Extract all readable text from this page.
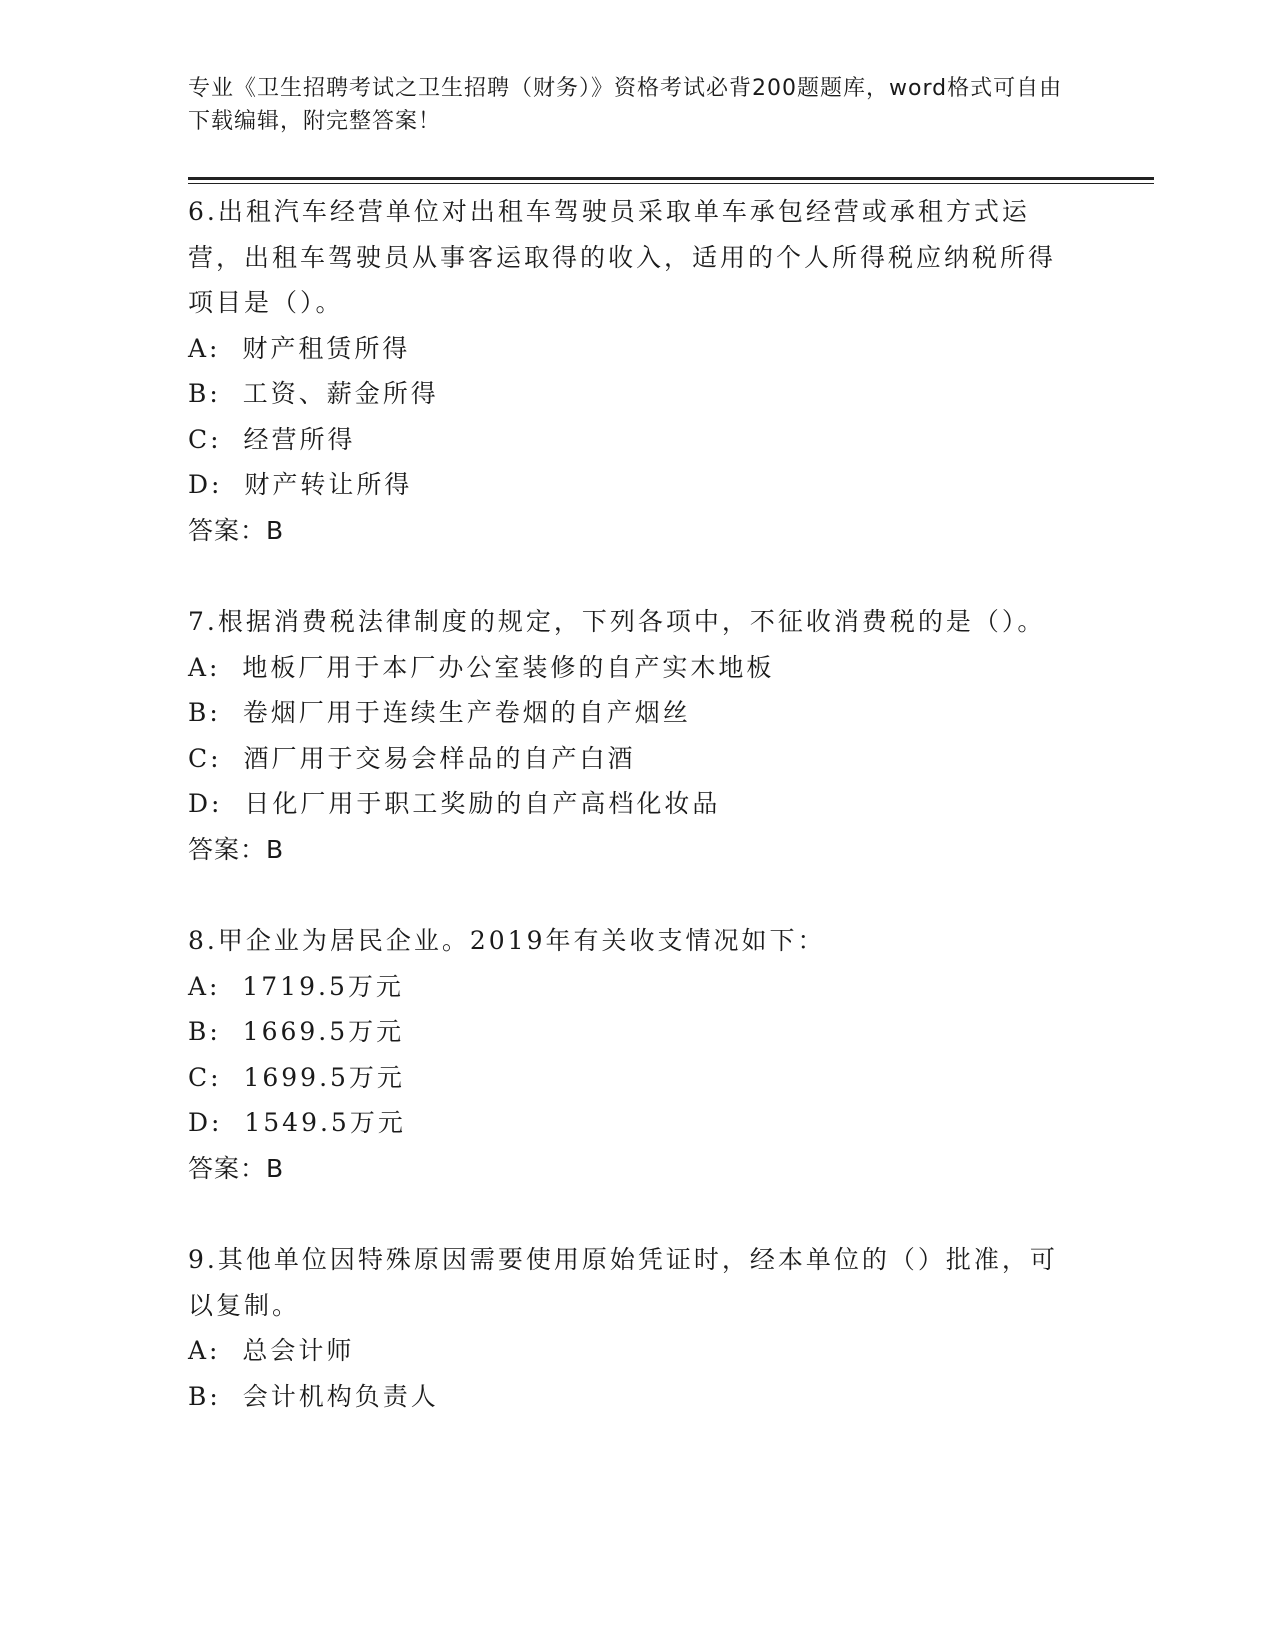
专业《卫生招聘考试之卫生招聘（财务）》资格考试必背200题题库，word格式可自由下载编辑，附完整答案！

6.出租汽车经营单位对出租车驾驶员采取单车承包经营或承租方式运营，出租车驾驶员从事客运取得的收入，适用的个人所得税应纳税所得项目是（）。

A:  财产租赁所得

B:  工资、薪金所得

C:  经营所得

D:  财产转让所得

答案：B

7.根据消费税法律制度的规定，下列各项中，不征收消费税的是（）。

A:  地板厂用于本厂办公室装修的自产实木地板

B:  卷烟厂用于连续生产卷烟的自产烟丝

C:  酒厂用于交易会样品的自产白酒

D:  日化厂用于职工奖励的自产高档化妆品

答案：B

8.甲企业为居民企业。2019年有关收支情况如下：

A:  1719.5万元

B:  1669.5万元

C:  1699.5万元

D:  1549.5万元

答案：B

9.其他单位因特殊原因需要使用原始凭证时，经本单位的（）批准，可以复制。

A:  总会计师

B:  会计机构负责人
